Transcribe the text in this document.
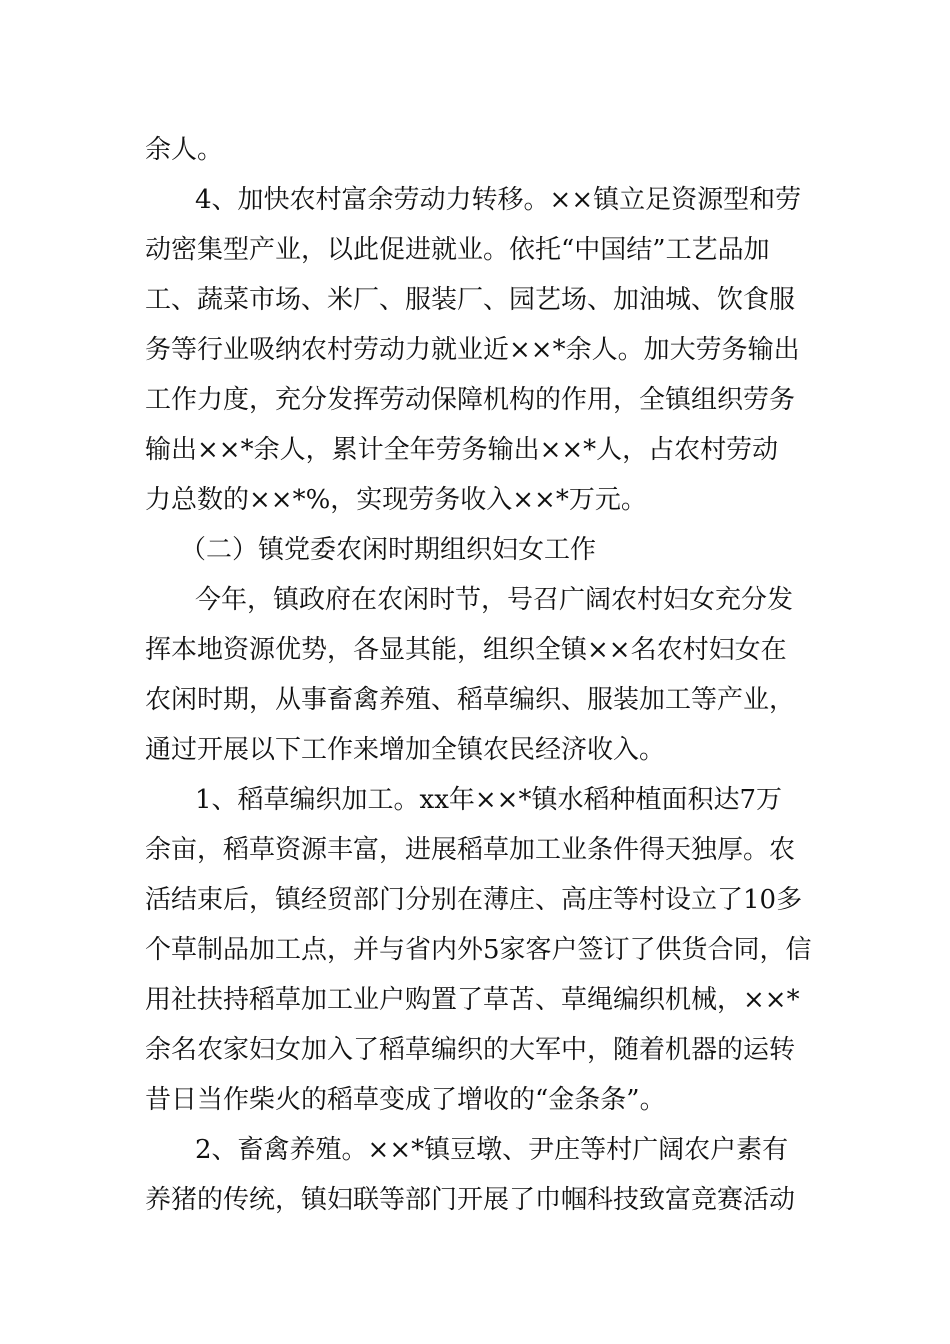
余人。

4、加快农村富余劳动力转移。××镇立足资源型和劳

动密集型产业，以此促进就业。依托“中国结”工艺品加

工、蔬菜市场、米厂、服装厂、园艺场、加油城、饮食服

务等行业吸纳农村劳动力就业近××*余人。加大劳务输出

工作力度，充分发挥劳动保障机构的作用，全镇组织劳务

输出××*余人，累计全年劳务输出××*人，占农村劳动

力总数的××*%，实现劳务收入××*万元。

（二）镇党委农闲时期组织妇女工作

今年，镇政府在农闲时节，号召广阔农村妇女充分发

挥本地资源优势，各显其能，组织全镇××名农村妇女在

农闲时期，从事畜禽养殖、稻草编织、服装加工等产业，

通过开展以下工作来增加全镇农民经济收入。

1、稻草编织加工。xx年××*镇水稻种植面积达7万

余亩，稻草资源丰富，进展稻草加工业条件得天独厚。农

活结束后，镇经贸部门分别在薄庄、高庄等村设立了10多

个草制品加工点，并与省内外5家客户签订了供货合同，信

用社扶持稻草加工业户购置了草苫、草绳编织机械，××*

余名农家妇女加入了稻草编织的大军中，随着机器的运转

昔日当作柴火的稻草变成了增收的“金条条”。

2、畜禽养殖。××*镇豆墩、尹庄等村广阔农户素有

养猪的传统，镇妇联等部门开展了巾帼科技致富竞赛活动
